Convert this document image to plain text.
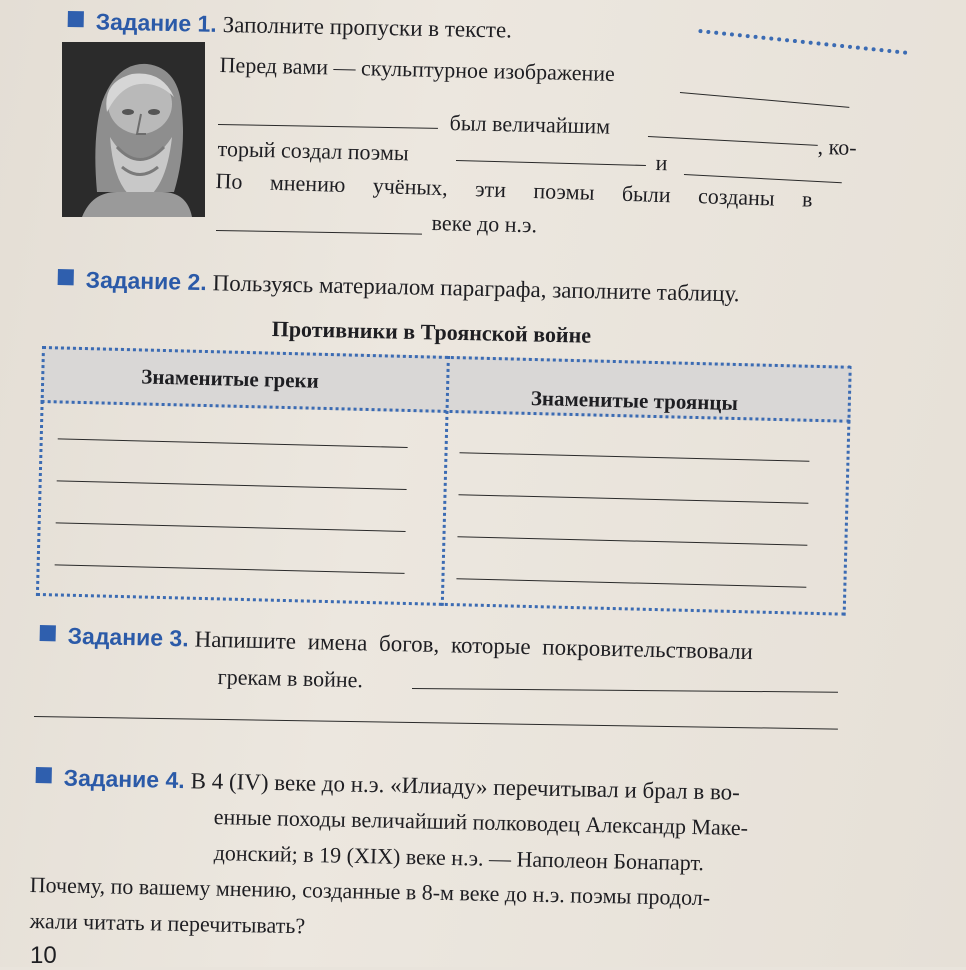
Задание 1. Заполните пропуски в тексте.
Перед вами — скульптурное изображение
был величайшим
, ко-
торый создал поэмы	и
По мнению учёных, эти поэмы были созданы в
веке до н.э.
Задание 2. Пользуясь материалом параграфа, заполните таблицу.
Противники в Троянской войне
Знаменитые греки
Знаменитые троянцы
Задание 3. Напишите имена богов, которые покровительствовали
грекам в войне.
Задание 4. В 4 (IV) веке до н.э. «Илиаду» перечитывал и брал в во-
енные походы величайший полководец Александр Маке-
донский; в 19 (XIX) веке н.э. — Наполеон Бонапарт.
Почему, по вашему мнению, созданные в 8-м веке до н.э. поэмы продол-
жали читать и перечитывать?
10
